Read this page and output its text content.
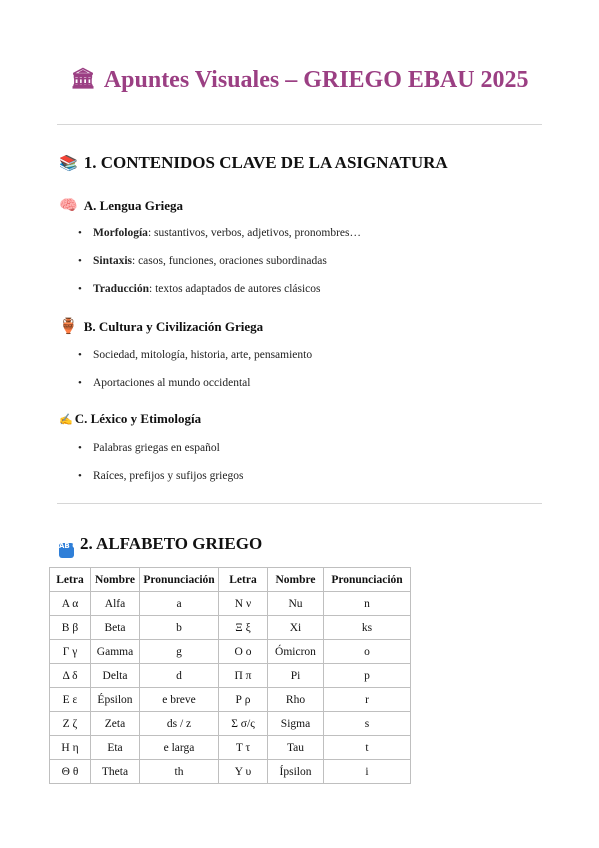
🏛 Apuntes Visuales – GRIEGO EBAU 2025
📚 1. CONTENIDOS CLAVE DE LA ASIGNATURA
🧠 A. Lengua Griega
• Morfología: sustantivos, verbos, adjetivos, pronombres…
• Sintaxis: casos, funciones, oraciones subordinadas
• Traducción: textos adaptados de autores clásicos
🏺 B. Cultura y Civilización Griega
• Sociedad, mitología, historia, arte, pensamiento
• Aportaciones al mundo occidental
✍ C. Léxico y Etimología
• Palabras griegas en español
• Raíces, prefijos y sufijos griegos
AB CD2. ALFABETO GRIEGO
Letra	Nombre	Pronunciación	Letra	Nombre	Pronunciación
Α α	Alfa	a	Ν ν	Nu	n
Β β	Beta	b	Ξ ξ	Xi	ks
Γ γ	Gamma	g	Ο ο	Ómicron	o
Δ δ	Delta	d	Π π	Pi	p
Ε ε	Épsilon	e breve	Ρ ρ	Rho	r
Ζ ζ	Zeta	ds / z	Σ σ/ς	Sigma	s
Η η	Eta	e larga	Τ τ	Tau	t
Θ θ	Theta	th	Υ υ	Ípsilon	i
